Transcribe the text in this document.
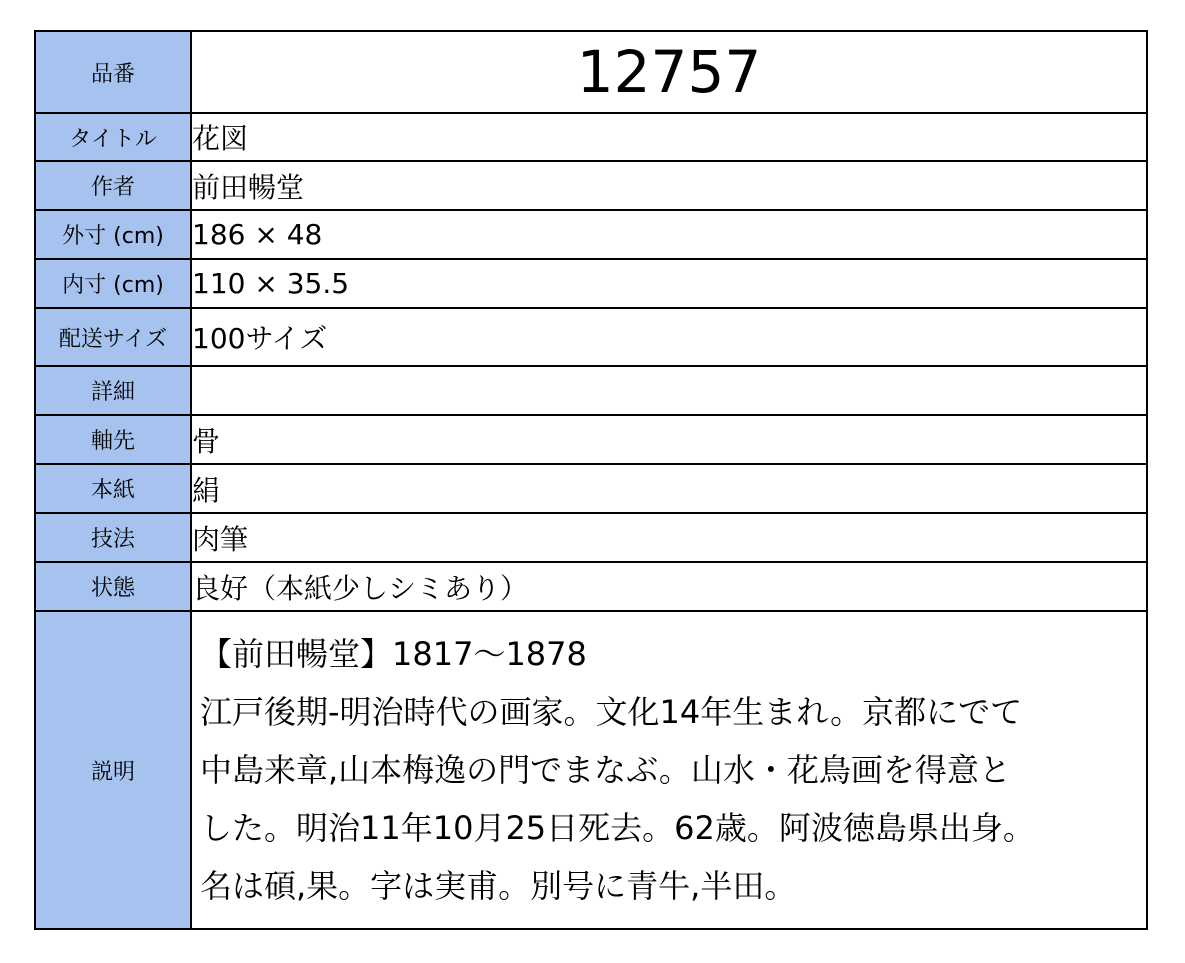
品番	12757
タイトル	花図
作者	前田暢堂
外寸 (cm)	186 × 48
内寸 (cm)	110 × 35.5
配送サイズ	100サイズ
詳細	
軸先	骨
本紙	絹
技法	肉筆
状態	良好（本紙少しシミあり）
説明	【前田暢堂】1817〜1878
江戸後期-明治時代の画家。文化14年生まれ。京都にでて
中島来章,山本梅逸の門でまなぶ。山水・花鳥画を得意と
した。明治11年10月25日死去。62歳。阿波徳島県出身。
名は碩,果。字は実甫。別号に青牛,半田。
